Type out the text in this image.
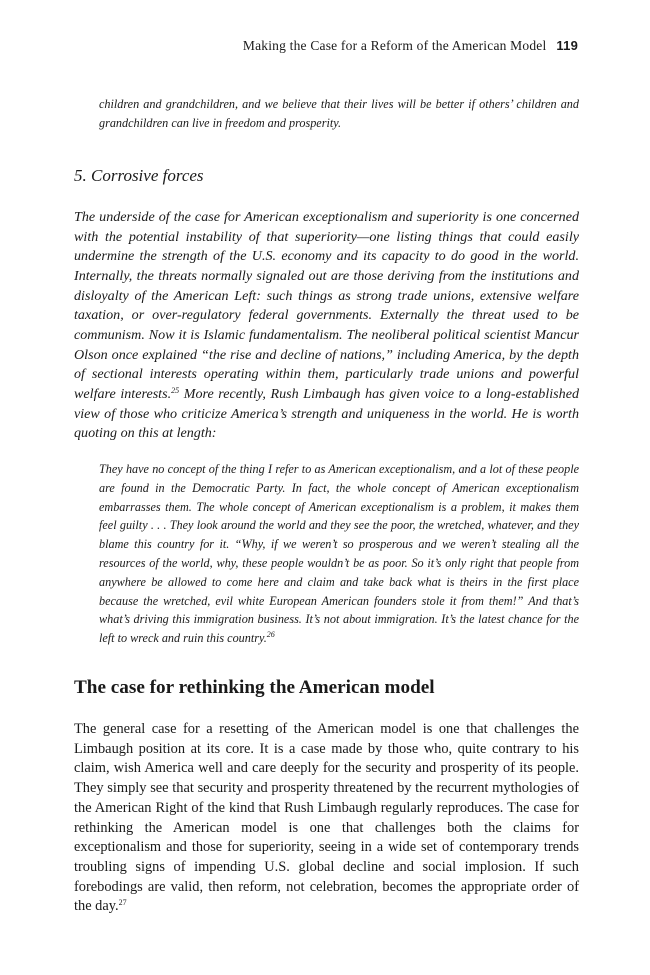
Making the Case for a Reform of the American Model 119

children and grandchildren, and we believe that their lives will be better if others’ children and grandchildren can live in freedom and prosperity.

5. Corrosive forces

The underside of the case for American exceptionalism and superiority is one concerned with the potential instability of that superiority—one listing things that could easily undermine the strength of the U.S. economy and its capacity to do good in the world. Internally, the threats normally signaled out are those deriving from the institutions and disloyalty of the American Left: such things as strong trade unions, extensive welfare taxation, or over-regulatory federal governments. Externally the threat used to be communism. Now it is Islamic fundamentalism. The neoliberal political scientist Mancur Olson once explained “the rise and decline of nations,” including America, by the depth of sectional interests operating within them, particularly trade unions and powerful welfare interests.$^{25}$ More recently, Rush Limbaugh has given voice to a long-established view of those who criticize America’s strength and uniqueness in the world. He is worth quoting on this at length:

They have no concept of the thing I refer to as American exceptionalism, and a lot of these people are found in the Democratic Party. In fact, the whole concept of American exceptionalism embarrasses them. The whole concept of American exceptionalism is a problem, it makes them feel guilty . . . They look around the world and they see the poor, the wretched, whatever, and they blame this country for it. “Why, if we weren’t so prosperous and we weren’t stealing all the resources of the world, why, these people wouldn’t be as poor. So it’s only right that people from anywhere be allowed to come here and claim and take back what is theirs in the first place because the wretched, evil white European American founders stole it from them!” And that’s what’s driving this immigration business. It’s not about immigration. It’s the latest chance for the left to wreck and ruin this country.$^{26}$

The case for rethinking the American model

The general case for a resetting of the American model is one that challenges the Limbaugh position at its core. It is a case made by those who, quite contrary to his claim, wish America well and care deeply for the security and prosperity of its people. They simply see that security and prosperity threatened by the recurrent mythologies of the American Right of the kind that Rush Limbaugh regularly reproduces. The case for rethinking the American model is one that challenges both the claims for exceptionalism and those for superiority, seeing in a wide set of contemporary trends troubling signs of impending U.S. global decline and social implosion. If such forebodings are valid, then reform, not celebration, becomes the appropriate order of the day.$^{27}$
